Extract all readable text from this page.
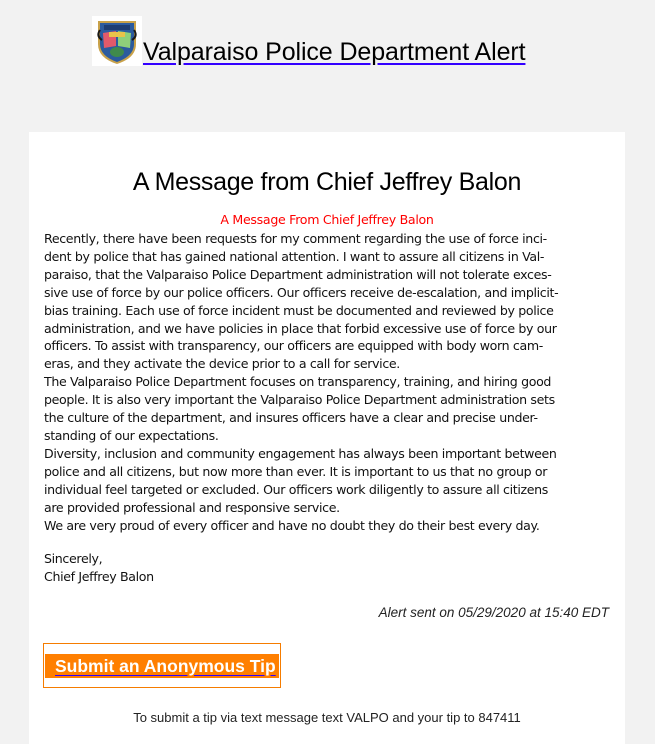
Valparaiso Police Department Alert
A Message from Chief Jeffrey Balon
A Message From Chief Jeffrey Balon

Recently, there have been requests for my comment regarding the use of force inci-

dent by police that has gained national attention. I want to assure all citizens in Val-

paraiso, that the Valparaiso Police Department administration will not tolerate exces-

sive use of force by our police officers. Our officers receive de-escalation, and implicit-

bias training. Each use of force incident must be documented and reviewed by police

administration, and we have policies in place that forbid excessive use of force by our

officers. To assist with transparency, our officers are equipped with body worn cam-

eras, and they activate the device prior to a call for service.

The Valparaiso Police Department focuses on transparency, training, and hiring good

people. It is also very important the Valparaiso Police Department administration sets

the culture of the department, and insures officers have a clear and precise under-

standing of our expectations.

Diversity, inclusion and community engagement has always been important between

police and all citizens, but now more than ever. It is important to us that no group or

individual feel targeted or excluded. Our officers work diligently to assure all citizens

are provided professional and responsive service.

We are very proud of every officer and have no doubt they do their best every day.

Sincerely,

Chief Jeffrey Balon

Alert sent on 05/29/2020 at 15:40 EDT
Submit an Anonymous Tip
To submit a tip via text message text VALPO and your tip to 847411
